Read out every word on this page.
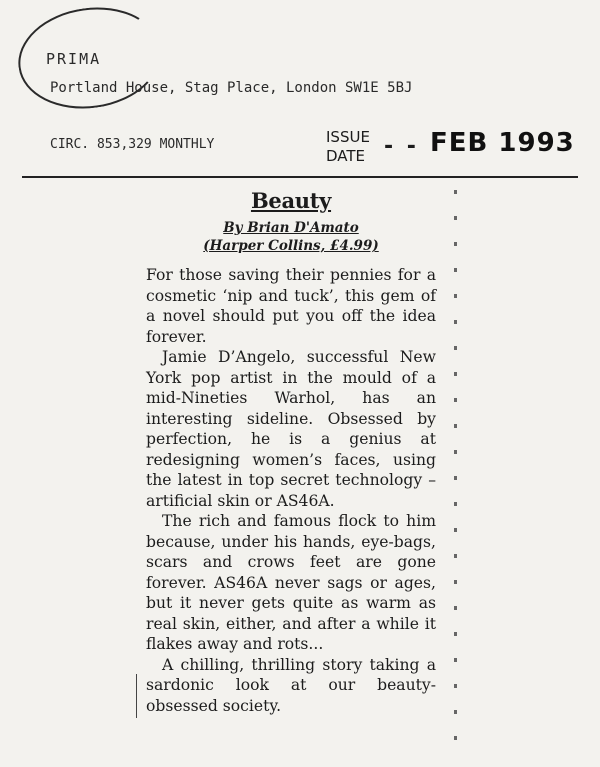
PRIMA
Portland House, Stag Place, London SW1E 5BJ
CIRC. 853,329 MONTHLY	ISSUE
DATE - - FEB 1993
Beauty
By Brian D'Amato
(Harper Collins, £4.99)

For those saving their pennies for a cosmetic ‘nip and tuck’, this gem of a novel should put you off the idea forever.

Jamie D’Angelo, successful New York pop artist in the mould of a mid-Nineties Warhol, has an interesting sideline. Obsessed by perfection, he is a genius at redesigning women’s faces, using the latest in top secret technology – artificial skin or AS46A.

The rich and famous flock to him because, under his hands, eye-bags, scars and crows feet are gone forever. AS46A never sags or ages, but it never gets quite as warm as real skin, either, and after a while it flakes away and rots...

A chilling, thrilling story taking a sardonic look at our beauty-obsessed society.
